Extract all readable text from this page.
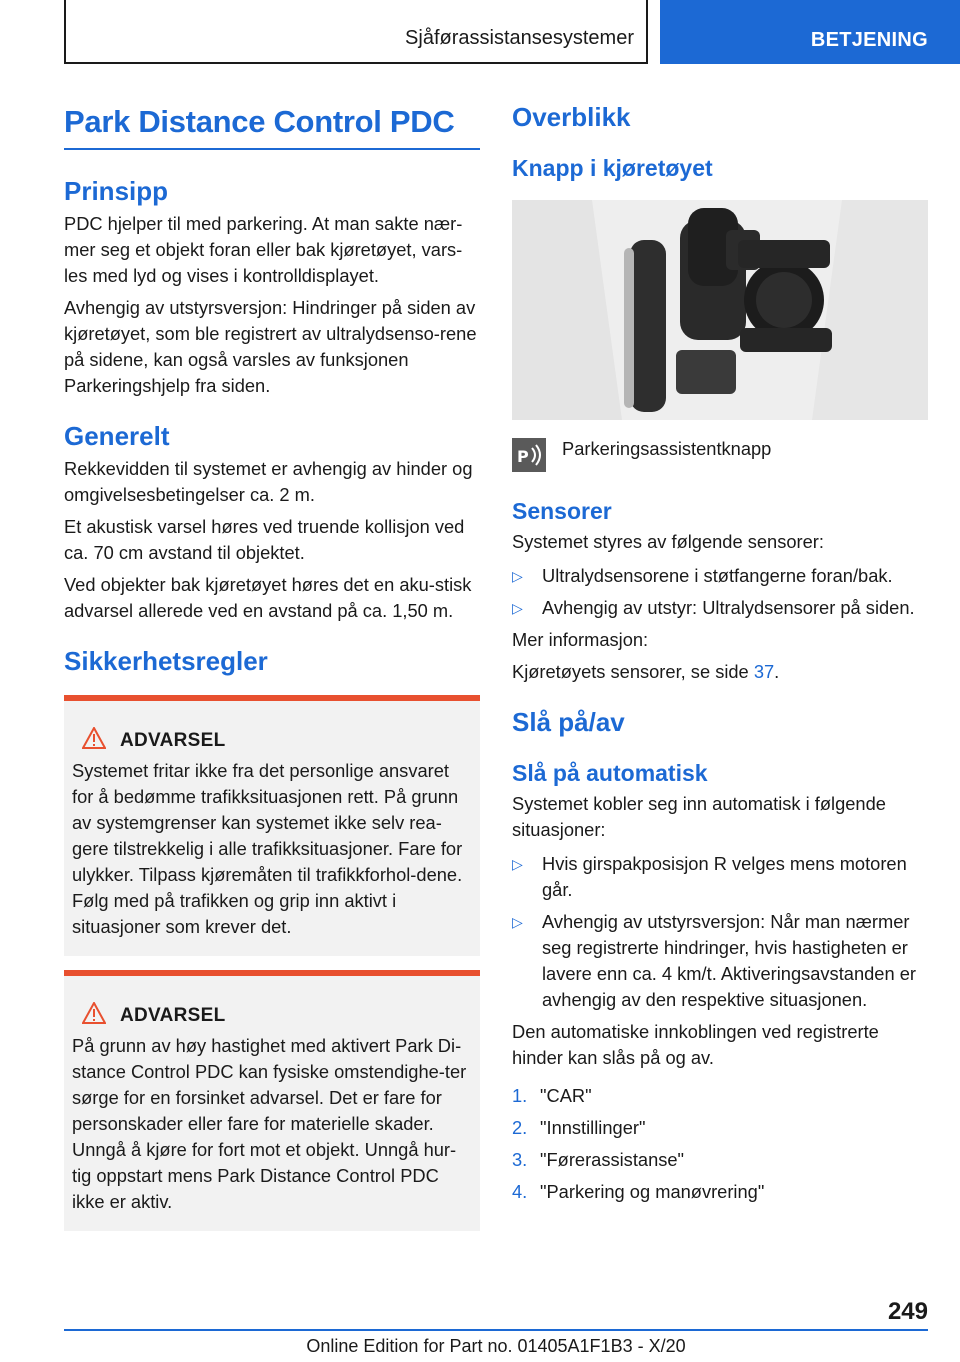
Sjåførassistansesystemer	BETJENING
Park Distance Control PDC
Prinsipp

PDC hjelper til med parkering. At man sakte nær-mer seg et objekt foran eller bak kjøretøyet, vars-les med lyd og vises i kontrolldisplayet.

Avhengig av utstyrsversjon: Hindringer på siden av kjøretøyet, som ble registrert av ultralydsenso-rene på sidene, kan også varsles av funksjonen Parkeringshjelp fra siden.

Generelt

Rekkevidden til systemet er avhengig av hinder og omgivelsesbetingelser ca. 2 m.

Et akustisk varsel høres ved truende kollisjon ved ca. 70 cm avstand til objektet.

Ved objekter bak kjøretøyet høres det en aku-stisk advarsel allerede ved en avstand på ca. 1,50 m.

Sikkerhetsregler
ADVARSEL

Systemet fritar ikke fra det personlige ansvaret for å bedømme trafikksituasjonen rett. På grunn av systemgrenser kan systemet ikke selv rea-gere tilstrekkelig i alle trafikksituasjoner. Fare for ulykker. Tilpass kjøremåten til trafikkforhol-dene. Følg med på trafikken og grip inn aktivt i situasjoner som krever det.

ADVARSEL

På grunn av høy hastighet med aktivert Park Di-stance Control PDC kan fysiske omstendighe-ter sørge for en forsinket advarsel. Det er fare for personskader eller fare for materielle skader. Unngå å kjøre for fort mot et objekt. Unngå hur-tig oppstart mens Park Distance Control PDC ikke er aktiv.

Overblikk
Knapp i kjøretøyet
P Parkeringsassistentknapp
Sensorer

Systemet styres av følgende sensorer:

▷	Ultralydsensorene i støtfangerne foran/bak.
▷	Avhengig av utstyr: Ultralydsensorer på siden.

Mer informasjon:

Kjøretøyets sensorer, se side 37.

Slå på/av
Slå på automatisk

Systemet kobler seg inn automatisk i følgende situasjoner:

▷	Hvis girspakposisjon R velges mens motoren går.
▷	Avhengig av utstyrsversjon: Når man nærmer seg registrerte hindringer, hvis hastigheten er lavere enn ca. 4 km/t. Aktiveringsavstanden er avhengig av den respektive situasjonen.

Den automatiske innkoblingen ved registrerte hinder kan slås på og av.

1. "CAR"
2. "Innstillinger"
3. "Førerassistanse"
4. "Parkering og manøvrering"
249
Online Edition for Part no. 01405A1F1B3 - X/20
